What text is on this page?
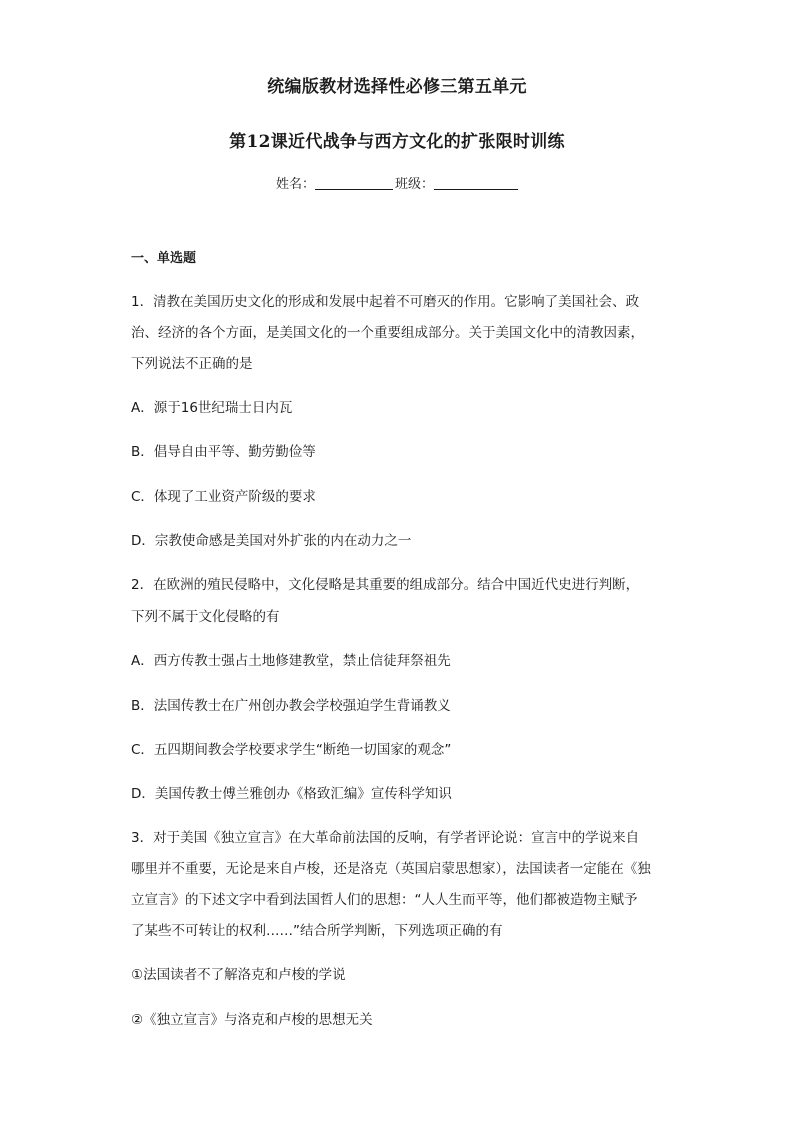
统编版教材选择性必修三第五单元
第12课近代战争与西方文化的扩张限时训练
姓名：	班级：
一、单选题
1．清教在美国历史文化的形成和发展中起着不可磨灭的作用。它影响了美国社会、政
治、经济的各个方面，是美国文化的一个重要组成部分。关于美国文化中的清教因素，
下列说法不正确的是
A．源于16世纪瑞士日内瓦
B．倡导自由平等、勤劳勤俭等
C．体现了工业资产阶级的要求
D．宗教使命感是美国对外扩张的内在动力之一
2．在欧洲的殖民侵略中，文化侵略是其重要的组成部分。结合中国近代史进行判断，
下列不属于文化侵略的有
A．西方传教士强占土地修建教堂，禁止信徒拜祭祖先
B．法国传教士在广州创办教会学校强迫学生背诵教义
C．五四期间教会学校要求学生“断绝一切国家的观念”
D．美国传教士傅兰雅创办《格致汇编》宣传科学知识
3．对于美国《独立宣言》在大革命前法国的反响，有学者评论说：宣言中的学说来自
哪里并不重要，无论是来自卢梭，还是洛克（英国启蒙思想家），法国读者一定能在《独
立宣言》的下述文字中看到法国哲人们的思想：“人人生而平等，他们都被造物主赋予
了某些不可转让的权利……”结合所学判断，下列选项正确的有
①法国读者不了解洛克和卢梭的学说
②《独立宣言》与洛克和卢梭的思想无关
